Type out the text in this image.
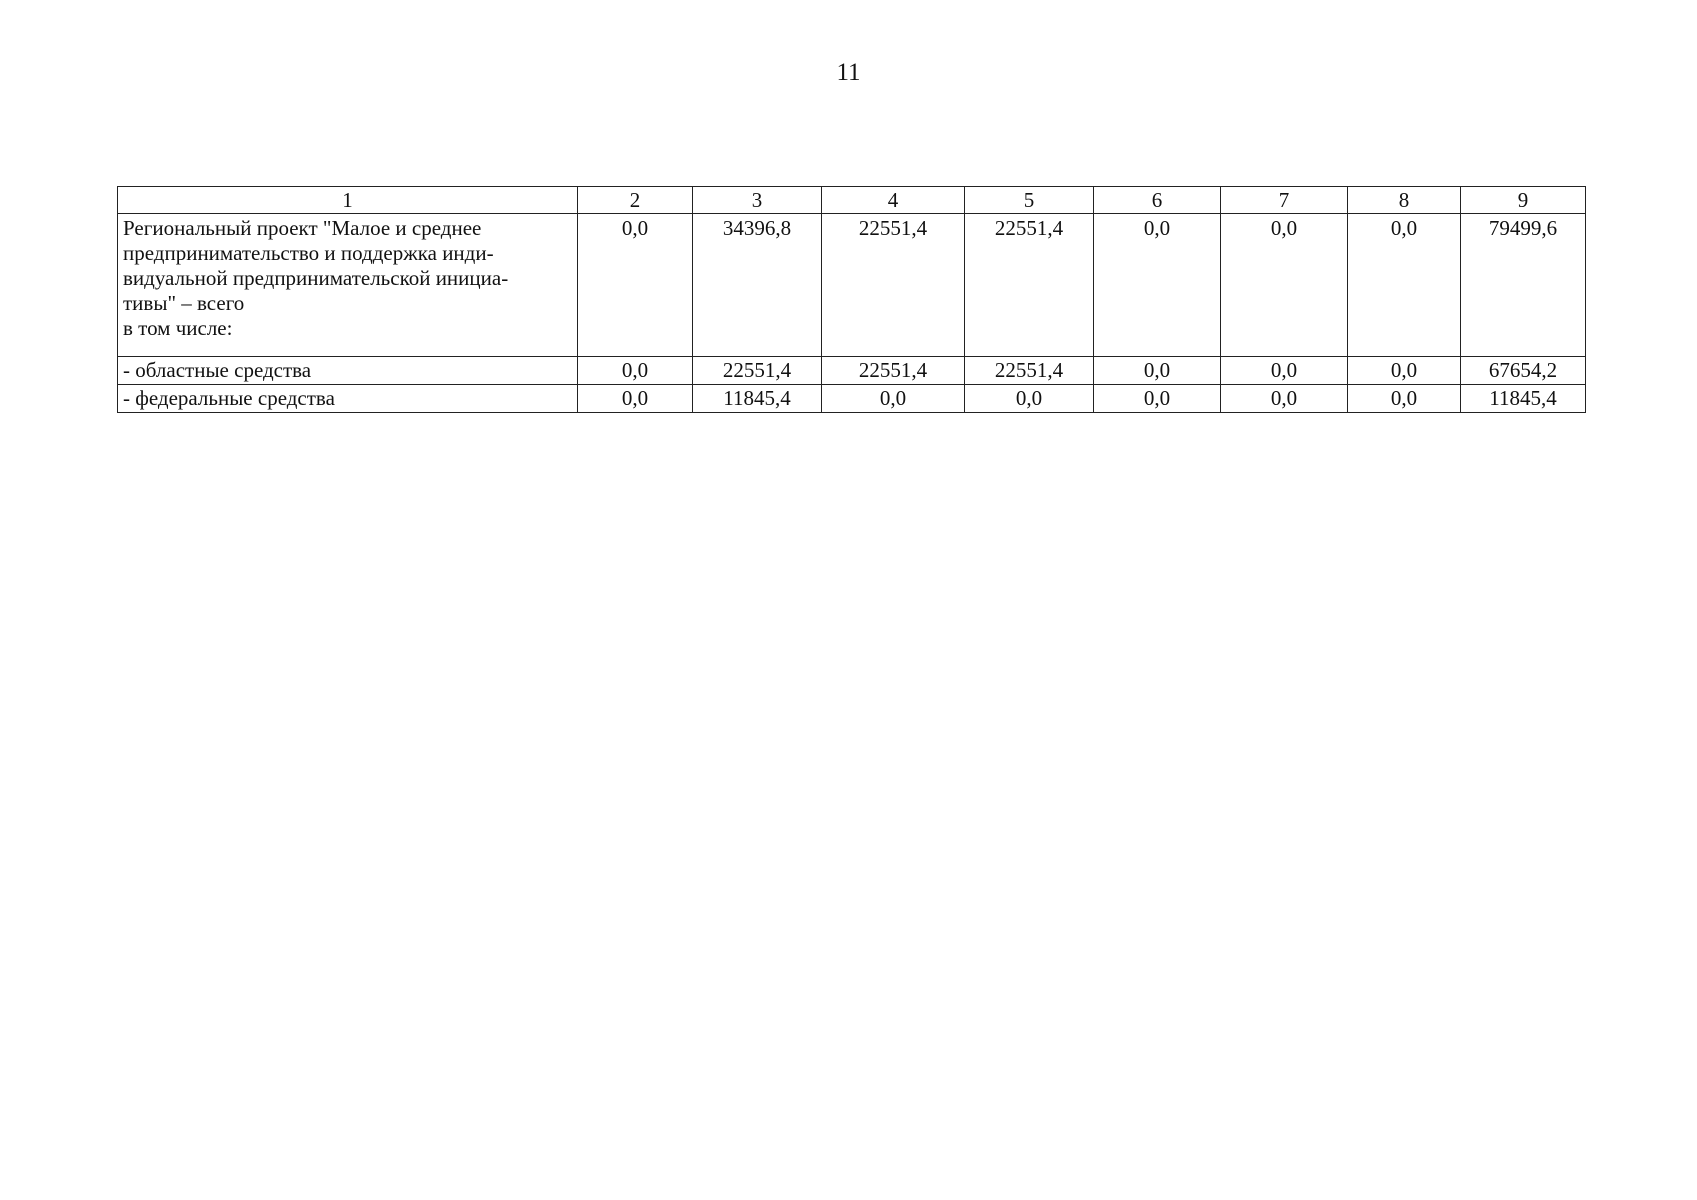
11
1	2	3	4	5	6	7	8	9

Региональный проект "Малое и среднее
предпринимательство и поддержка инди-
видуальной предпринимательской инициа-
тивы" – всего
в том числе:	0,0	34396,8	22551,4	22551,4	0,0	0,0	0,0	79499,6
- областные средства	0,0	22551,4	22551,4	22551,4	0,0	0,0	0,0	67654,2
- федеральные средства	0,0	11845,4	0,0	0,0	0,0	0,0	0,0	11845,4
